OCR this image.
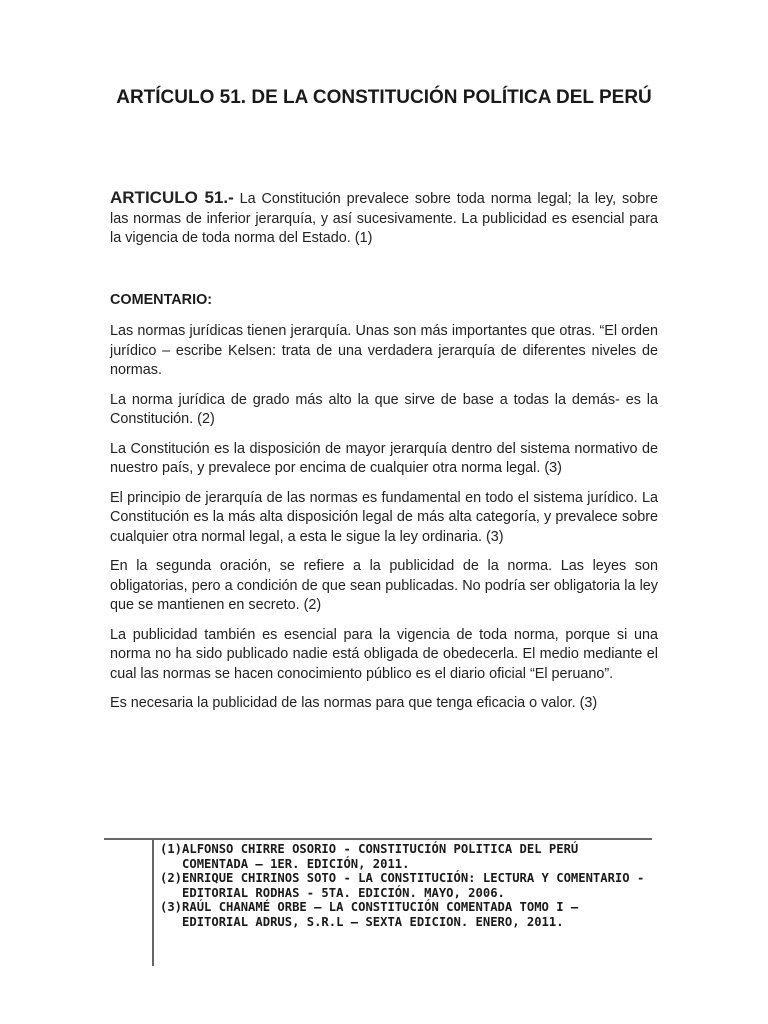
ARTÍCULO 51. DE LA CONSTITUCIÓN POLÍTICA DEL PERÚ
ARTICULO 51.- La Constitución prevalece sobre toda norma legal; la ley, sobre las normas de inferior jerarquía, y así sucesivamente. La publicidad es esencial para la vigencia de toda norma del Estado. (1)
COMENTARIO:

Las normas jurídicas tienen jerarquía. Unas son más importantes que otras. “El orden jurídico – escribe Kelsen: trata de una verdadera jerarquía de diferentes niveles de normas.

La norma jurídica de grado más alto la que sirve de base a todas la demás- es la Constitución. (2)

La Constitución es la disposición de mayor jerarquía dentro del sistema normativo de nuestro país, y prevalece por encima de cualquier otra norma legal. (3)

El principio de jerarquía de las normas es fundamental en todo el sistema jurídico. La Constitución es la más alta disposición legal de más alta categoría, y prevalece sobre cualquier otra normal legal, a esta le sigue la ley ordinaria. (3)

En la segunda oración, se refiere a la publicidad de la norma. Las leyes son obligatorias, pero a condición de que sean publicadas. No podría ser obligatoria la ley que se mantienen en secreto. (2)

La publicidad también es esencial para la vigencia de toda norma, porque si una norma no ha sido publicado nadie está obligada de obedecerla. El medio mediante el cual las normas se hacen conocimiento público es el diario oficial “El peruano”.

Es necesaria la publicidad de las normas para que tenga eficacia o valor. (3)

(1) ALFONSO CHIRRE OSORIO - CONSTITUCIÓN POLITICA DEL PERÚ COMENTADA – 1ER. EDICIÓN, 2011.
(2) ENRIQUE CHIRINOS SOTO - LA CONSTITUCIÓN: LECTURA Y COMENTARIO - EDITORIAL RODHAS - 5TA. EDICIÓN. MAYO, 2006.
(3) RAÚL CHANAMÉ ORBE – LA CONSTITUCIÓN COMENTADA TOMO I – EDITORIAL ADRUS, S.R.L – SEXTA EDICION. ENERO, 2011.
